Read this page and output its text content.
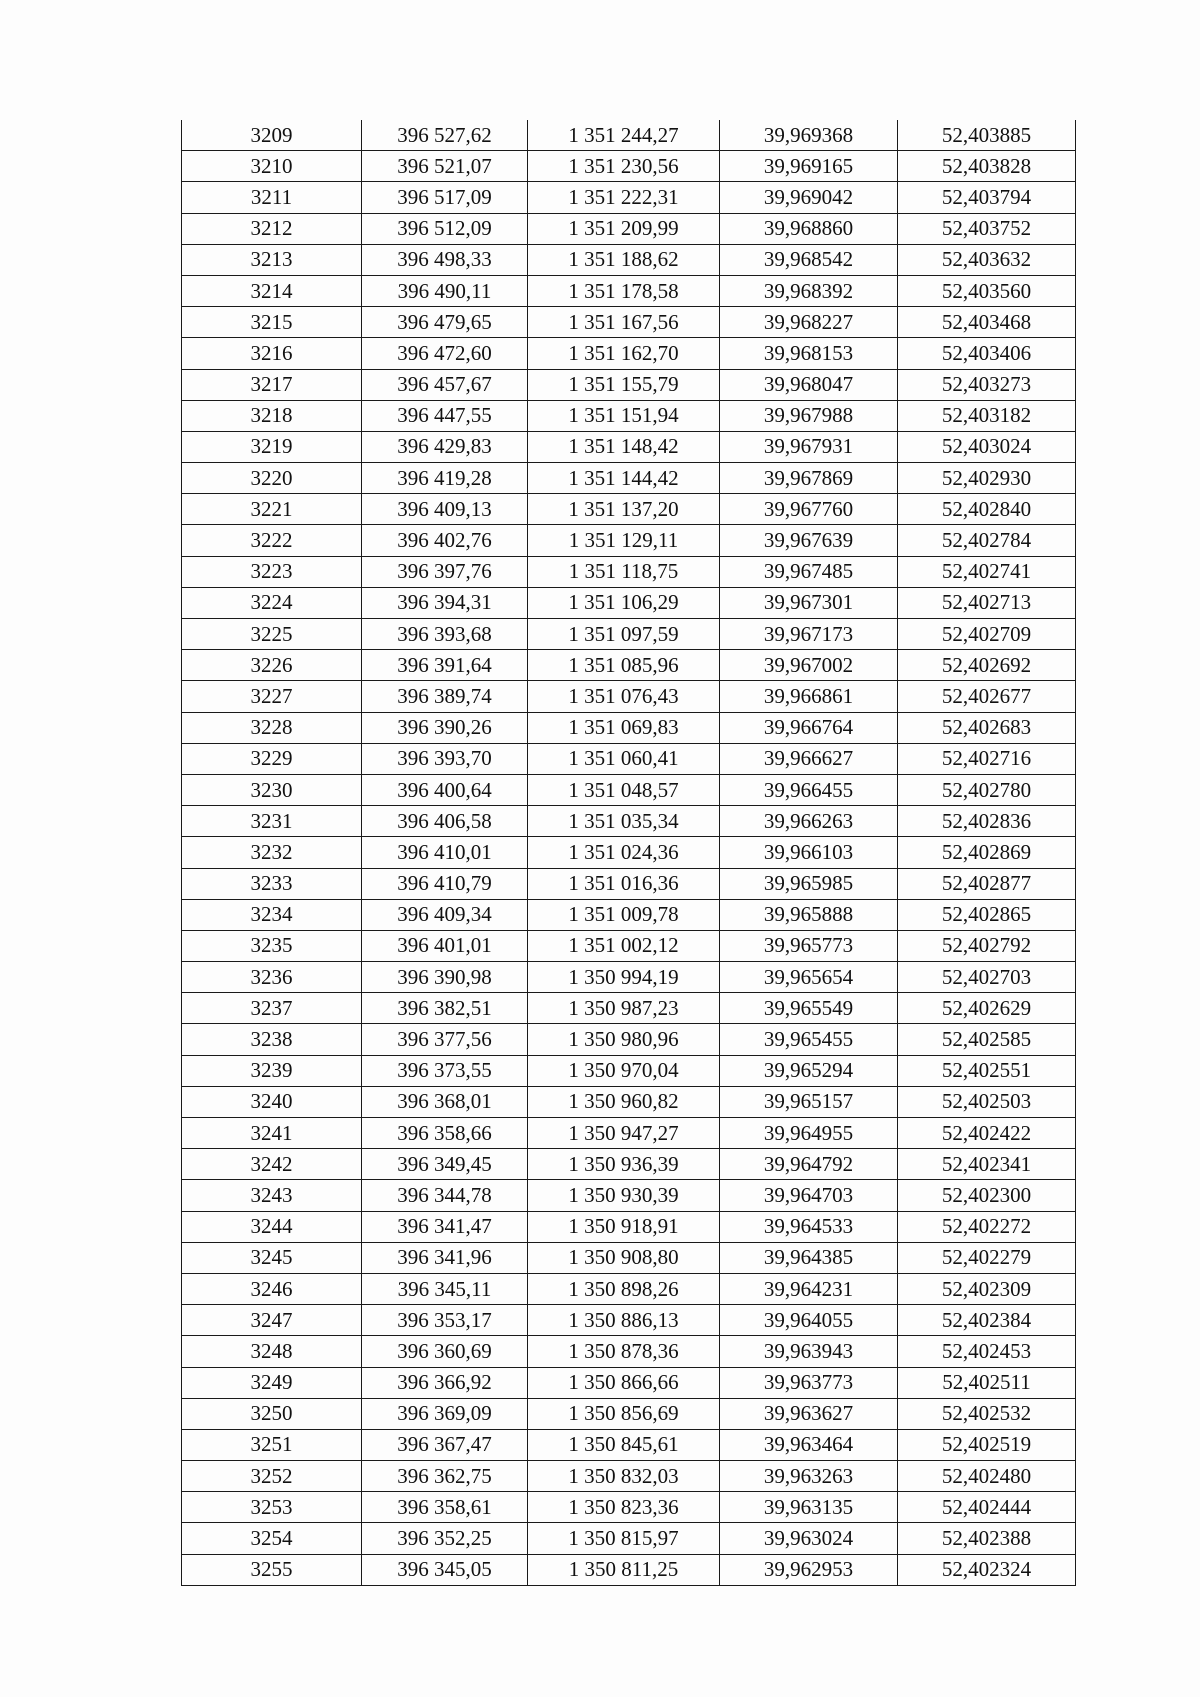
3209	396 527,62	1 351 244,27	39,969368	52,403885
3210	396 521,07	1 351 230,56	39,969165	52,403828
3211	396 517,09	1 351 222,31	39,969042	52,403794
3212	396 512,09	1 351 209,99	39,968860	52,403752
3213	396 498,33	1 351 188,62	39,968542	52,403632
3214	396 490,11	1 351 178,58	39,968392	52,403560
3215	396 479,65	1 351 167,56	39,968227	52,403468
3216	396 472,60	1 351 162,70	39,968153	52,403406
3217	396 457,67	1 351 155,79	39,968047	52,403273
3218	396 447,55	1 351 151,94	39,967988	52,403182
3219	396 429,83	1 351 148,42	39,967931	52,403024
3220	396 419,28	1 351 144,42	39,967869	52,402930
3221	396 409,13	1 351 137,20	39,967760	52,402840
3222	396 402,76	1 351 129,11	39,967639	52,402784
3223	396 397,76	1 351 118,75	39,967485	52,402741
3224	396 394,31	1 351 106,29	39,967301	52,402713
3225	396 393,68	1 351 097,59	39,967173	52,402709
3226	396 391,64	1 351 085,96	39,967002	52,402692
3227	396 389,74	1 351 076,43	39,966861	52,402677
3228	396 390,26	1 351 069,83	39,966764	52,402683
3229	396 393,70	1 351 060,41	39,966627	52,402716
3230	396 400,64	1 351 048,57	39,966455	52,402780
3231	396 406,58	1 351 035,34	39,966263	52,402836
3232	396 410,01	1 351 024,36	39,966103	52,402869
3233	396 410,79	1 351 016,36	39,965985	52,402877
3234	396 409,34	1 351 009,78	39,965888	52,402865
3235	396 401,01	1 351 002,12	39,965773	52,402792
3236	396 390,98	1 350 994,19	39,965654	52,402703
3237	396 382,51	1 350 987,23	39,965549	52,402629
3238	396 377,56	1 350 980,96	39,965455	52,402585
3239	396 373,55	1 350 970,04	39,965294	52,402551
3240	396 368,01	1 350 960,82	39,965157	52,402503
3241	396 358,66	1 350 947,27	39,964955	52,402422
3242	396 349,45	1 350 936,39	39,964792	52,402341
3243	396 344,78	1 350 930,39	39,964703	52,402300
3244	396 341,47	1 350 918,91	39,964533	52,402272
3245	396 341,96	1 350 908,80	39,964385	52,402279
3246	396 345,11	1 350 898,26	39,964231	52,402309
3247	396 353,17	1 350 886,13	39,964055	52,402384
3248	396 360,69	1 350 878,36	39,963943	52,402453
3249	396 366,92	1 350 866,66	39,963773	52,402511
3250	396 369,09	1 350 856,69	39,963627	52,402532
3251	396 367,47	1 350 845,61	39,963464	52,402519
3252	396 362,75	1 350 832,03	39,963263	52,402480
3253	396 358,61	1 350 823,36	39,963135	52,402444
3254	396 352,25	1 350 815,97	39,963024	52,402388
3255	396 345,05	1 350 811,25	39,962953	52,402324
